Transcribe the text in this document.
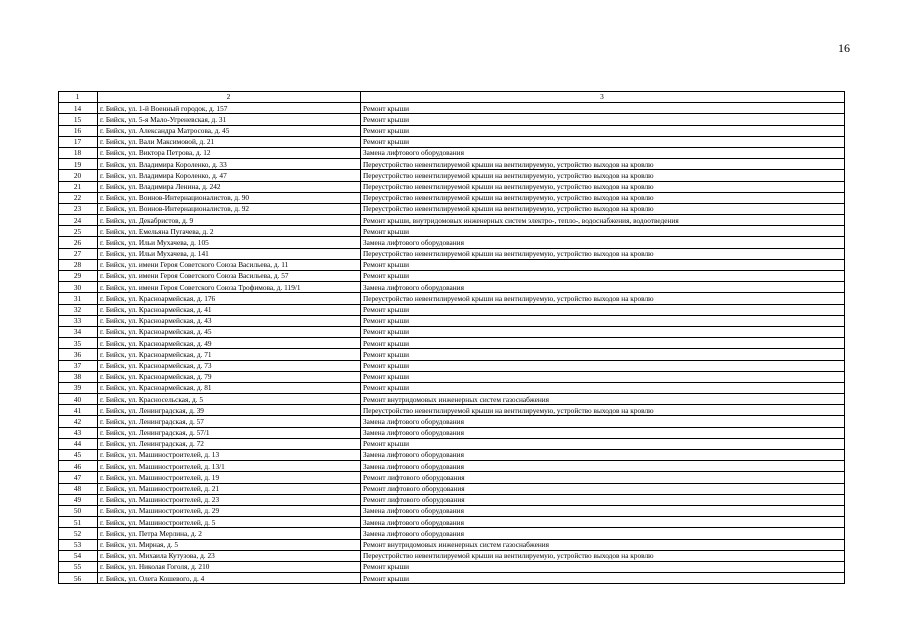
16
1	2	3
14	г. Бийск, ул. 1-й Военный городок, д. 157	Ремонт крыши
15	г. Бийск, ул. 5-я Мало-Угреневская, д. 31	Ремонт крыши
16	г. Бийск, ул. Александра Матросова, д. 45	Ремонт крыши
17	г. Бийск, ул. Вали Максимовой, д. 21	Ремонт крыши
18	г. Бийск, ул. Виктора Петрова, д. 12	Замена лифтового оборудования
19	г. Бийск, ул. Владимира Короленко, д. 33	Переустройство невентилируемой крыши на вентилируемую, устройство выходов на кровлю
20	г. Бийск, ул. Владимира Короленко, д. 47	Переустройство невентилируемой крыши на вентилируемую, устройство выходов на кровлю
21	г. Бийск, ул. Владимира Ленина, д. 242	Переустройство невентилируемой крыши на вентилируемую, устройство выходов на кровлю
22	г. Бийск, ул. Воинов-Интернационалистов, д. 90	Переустройство невентилируемой крыши на вентилируемую, устройство выходов на кровлю
23	г. Бийск, ул. Воинов-Интернационалистов, д. 92	Переустройство невентилируемой крыши на вентилируемую, устройство выходов на кровлю
24	г. Бийск, ул. Декабристов, д. 9	Ремонт крыши, внутридомовых инженерных систем электро-, тепло-, водоснабжения, водоотведения
25	г. Бийск, ул. Емельяна Пугачева, д. 2	Ремонт крыши
26	г. Бийск, ул. Ильи Мухачева, д. 105	Замена лифтового оборудования
27	г. Бийск, ул. Ильи Мухачева, д. 141	Переустройство невентилируемой крыши на вентилируемую, устройство выходов на кровлю
28	г. Бийск, ул. имени Героя Советского Союза Васильева, д. 11	Ремонт крыши
29	г. Бийск, ул. имени Героя Советского Союза Васильева, д. 57	Ремонт крыши
30	г. Бийск, ул. имени Героя Советского Союза Трофимова, д. 119/1	Замена лифтового оборудования
31	г. Бийск, ул. Красноармейская, д. 176	Переустройство невентилируемой крыши на вентилируемую, устройство выходов на кровлю
32	г. Бийск, ул. Красноармейская, д. 41	Ремонт крыши
33	г. Бийск, ул. Красноармейская, д. 43	Ремонт крыши
34	г. Бийск, ул. Красноармейская, д. 45	Ремонт крыши
35	г. Бийск, ул. Красноармейская, д. 49	Ремонт крыши
36	г. Бийск, ул. Красноармейская, д. 71	Ремонт крыши
37	г. Бийск, ул. Красноармейская, д. 73	Ремонт крыши
38	г. Бийск, ул. Красноармейская, д. 79	Ремонт крыши
39	г. Бийск, ул. Красноармейская, д. 81	Ремонт крыши
40	г. Бийск, ул. Красносельская, д. 5	Ремонт внутридомовых инженерных систем газоснабжения
41	г. Бийск, ул. Ленинградская, д. 39	Переустройство невентилируемой крыши на вентилируемую, устройство выходов на кровлю
42	г. Бийск, ул. Ленинградская, д. 57	Замена лифтового оборудования
43	г. Бийск, ул. Ленинградская, д. 57/1	Замена лифтового оборудования
44	г. Бийск, ул. Ленинградская, д. 72	Ремонт крыши
45	г. Бийск, ул. Машиностроителей, д. 13	Замена лифтового оборудования
46	г. Бийск, ул. Машиностроителей, д. 13/1	Замена лифтового оборудования
47	г. Бийск, ул. Машиностроителей, д. 19	Ремонт лифтового оборудования
48	г. Бийск, ул. Машиностроителей, д. 21	Ремонт лифтового оборудования
49	г. Бийск, ул. Машиностроителей, д. 23	Ремонт лифтового оборудования
50	г. Бийск, ул. Машиностроителей, д. 29	Замена лифтового оборудования
51	г. Бийск, ул. Машиностроителей, д. 5	Замена лифтового оборудования
52	г. Бийск, ул. Петра Мерлина, д. 2	Замена лифтового оборудования
53	г. Бийск, ул. Мирная, д. 5	Ремонт внутридомовых инженерных систем газоснабжения
54	г. Бийск, ул. Михаила Кутузова, д. 23	Переустройство невентилируемой крыши на вентилируемую, устройство выходов на кровлю
55	г. Бийск, ул. Николая Гоголя, д. 210	Ремонт крыши
56	г. Бийск, ул. Олега Кошевого, д. 4	Ремонт крыши
